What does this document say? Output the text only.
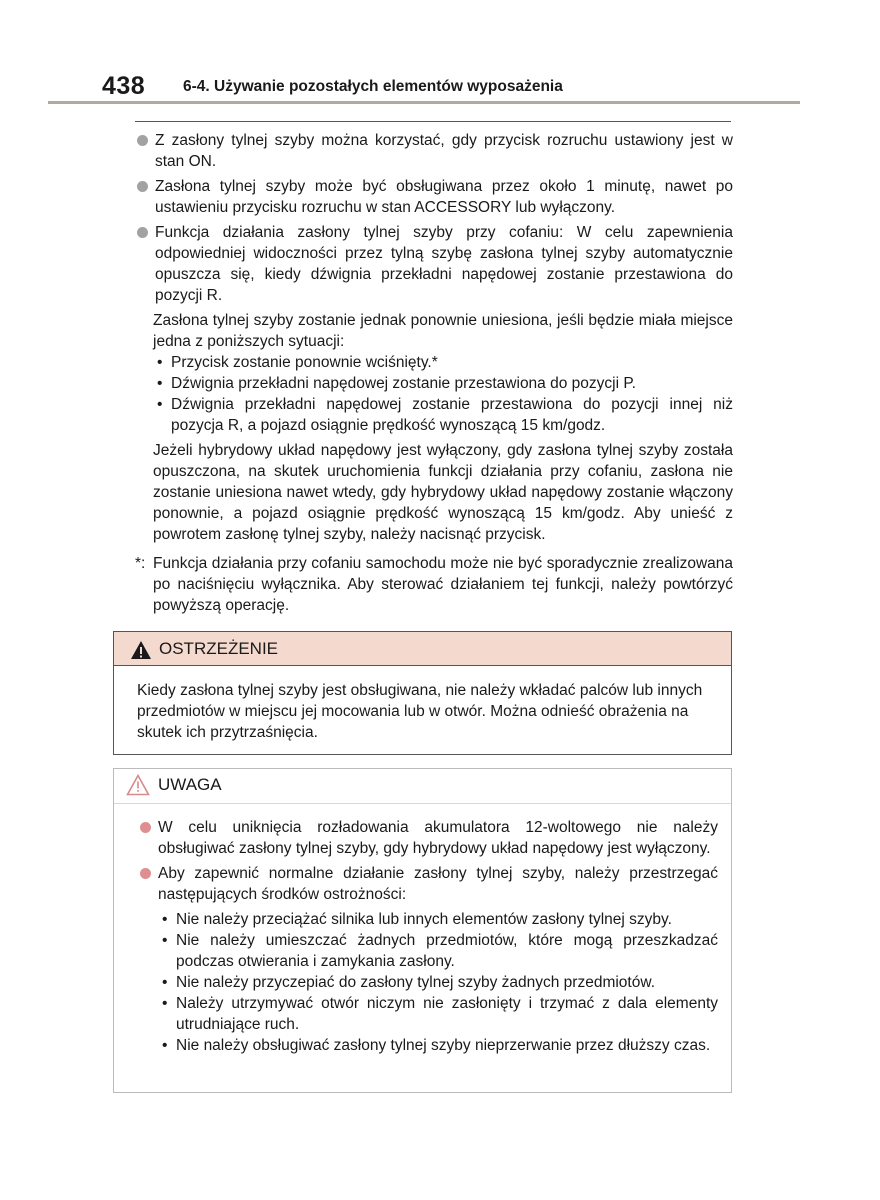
438 6-4. Używanie pozostałych elementów wyposażenia
Z zasłony tylnej szyby można korzystać, gdy przycisk rozruchu ustawiony jest w stan ON.
Zasłona tylnej szyby może być obsługiwana przez około 1 minutę, nawet po ustawieniu przycisku rozruchu w stan ACCESSORY lub wyłączony.
Funkcja działania zasłony tylnej szyby przy cofaniu: W celu zapewnienia odpowiedniej widoczności przez tylną szybę zasłona tylnej szyby automatycznie opuszcza się, kiedy dźwignia przekładni napędowej zostanie przestawiona do pozycji R.
Zasłona tylnej szyby zostanie jednak ponownie uniesiona, jeśli będzie miała miejsce jedna z poniższych sytuacji:
• Przycisk zostanie ponownie wciśnięty.*
• Dźwignia przekładni napędowej zostanie przestawiona do pozycji P.
• Dźwignia przekładni napędowej zostanie przestawiona do pozycji innej niż pozycja R, a pojazd osiągnie prędkość wynoszącą 15 km/godz.
Jeżeli hybrydowy układ napędowy jest wyłączony, gdy zasłona tylnej szyby została opuszczona, na skutek uruchomienia funkcji działania przy cofaniu, zasłona nie zostanie uniesiona nawet wtedy, gdy hybrydowy układ napędowy zostanie włączony ponownie, a pojazd osiągnie prędkość wynoszącą 15 km/godz. Aby unieść z powrotem zasłonę tylnej szyby, należy nacisnąć przycisk.
*: Funkcja działania przy cofaniu samochodu może nie być sporadycznie zrealizowana po naciśnięciu wyłącznika. Aby sterować działaniem tej funkcji, należy powtórzyć powyższą operację.
OSTRZEŻENIE
Kiedy zasłona tylnej szyby jest obsługiwana, nie należy wkładać palców lub innych przedmiotów w miejscu jej mocowania lub w otwór. Można odnieść obrażenia na skutek ich przytrzaśnięcia.
UWAGA
W celu uniknięcia rozładowania akumulatora 12-woltowego nie należy obsługiwać zasłony tylnej szyby, gdy hybrydowy układ napędowy jest wyłączony.
Aby zapewnić normalne działanie zasłony tylnej szyby, należy przestrzegać następujących środków ostrożności:
• Nie należy przeciążać silnika lub innych elementów zasłony tylnej szyby.
• Nie należy umieszczać żadnych przedmiotów, które mogą przeszkadzać podczas otwierania i zamykania zasłony.
• Nie należy przyczepiać do zasłony tylnej szyby żadnych przedmiotów.
• Należy utrzymywać otwór niczym nie zasłonięty i trzymać z dala elementy utrudniające ruch.
• Nie należy obsługiwać zasłony tylnej szyby nieprzerwanie przez dłuższy czas.
